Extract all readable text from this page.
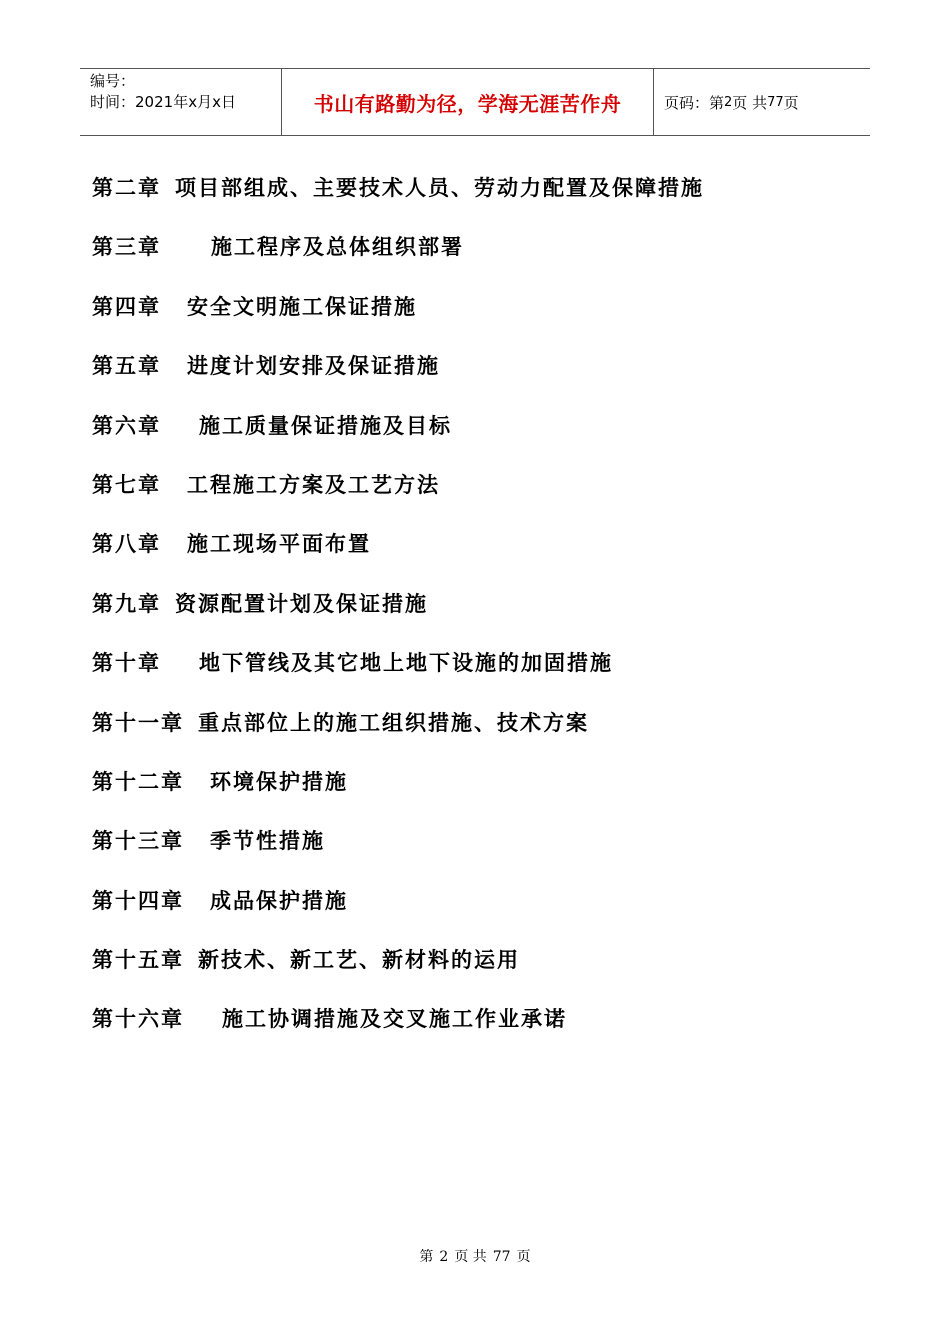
编号：
时间：2021年x月x日	书山有路勤为径，学海无涯苦作舟	页码：第 2 页 共 77 页
第二章 项目部组成、主要技术人员、劳动力配置及保障措施
第三章 施工程序及总体组织部署
第四章 安全文明施工保证措施
第五章 进度计划安排及保证措施
第六章 施工质量保证措施及目标
第七章 工程施工方案及工艺方法
第八章 施工现场平面布置
第九章 资源配置计划及保证措施
第十章 地下管线及其它地上地下设施的加固措施
第十一章 重点部位上的施工组织措施、技术方案
第十二章 环境保护措施
第十三章 季节性措施
第十四章 成品保护措施
第十五章 新技术、新工艺、新材料的运用
第十六章 施工协调措施及交叉施工作业承诺
第 2 页 共 77 页
